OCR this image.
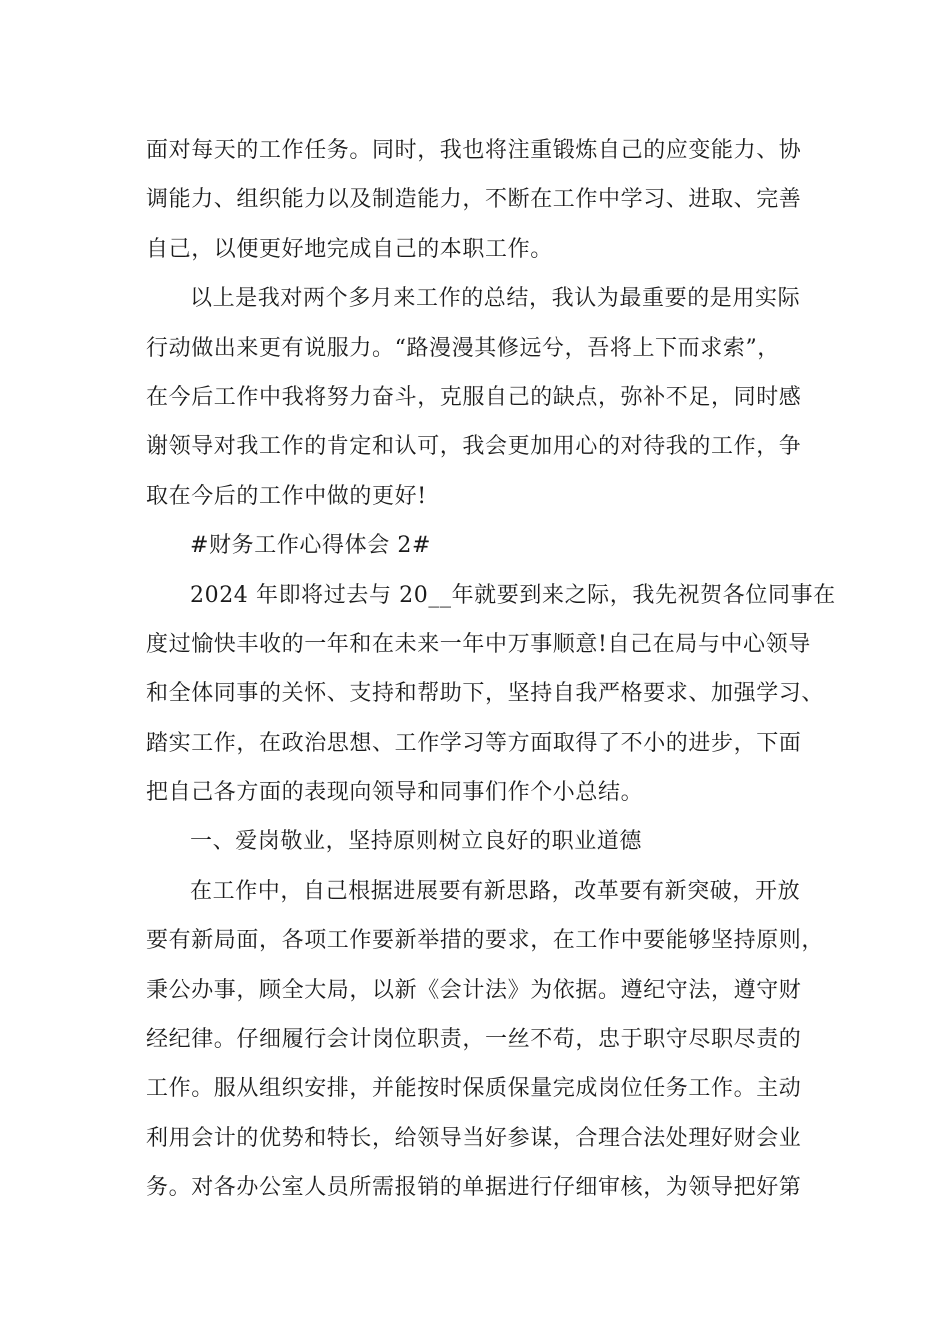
面对每天的工作任务。同时，我也将注重锻炼自己的应变能力、协
调能力、组织能力以及制造能力，不断在工作中学习、进取、完善
自己，以便更好地完成自己的本职工作。
以上是我对两个多月来工作的总结，我认为最重要的是用实际
行动做出来更有说服力。“路漫漫其修远兮，吾将上下而求索”，
在今后工作中我将努力奋斗，克服自己的缺点，弥补不足，同时感
谢领导对我工作的肯定和认可，我会更加用心的对待我的工作，争
取在今后的工作中做的更好!
#财务工作心得体会 2#
2024 年即将过去与 20__年就要到来之际，我先祝贺各位同事在
度过愉快丰收的一年和在未来一年中万事顺意!自己在局与中心领导
和全体同事的关怀、支持和帮助下，坚持自我严格要求、加强学习、
踏实工作，在政治思想、工作学习等方面取得了不小的进步，下面
把自己各方面的表现向领导和同事们作个小总结。
一、爱岗敬业，坚持原则树立良好的职业道德
在工作中，自己根据进展要有新思路，改革要有新突破，开放
要有新局面，各项工作要新举措的要求，在工作中要能够坚持原则，
秉公办事，顾全大局，以新《会计法》为依据。遵纪守法，遵守财
经纪律。仔细履行会计岗位职责，一丝不苟，忠于职守尽职尽责的
工作。服从组织安排，并能按时保质保量完成岗位任务工作。主动
利用会计的优势和特长，给领导当好参谋，合理合法处理好财会业
务。对各办公室人员所需报销的单据进行仔细审核，为领导把好第
